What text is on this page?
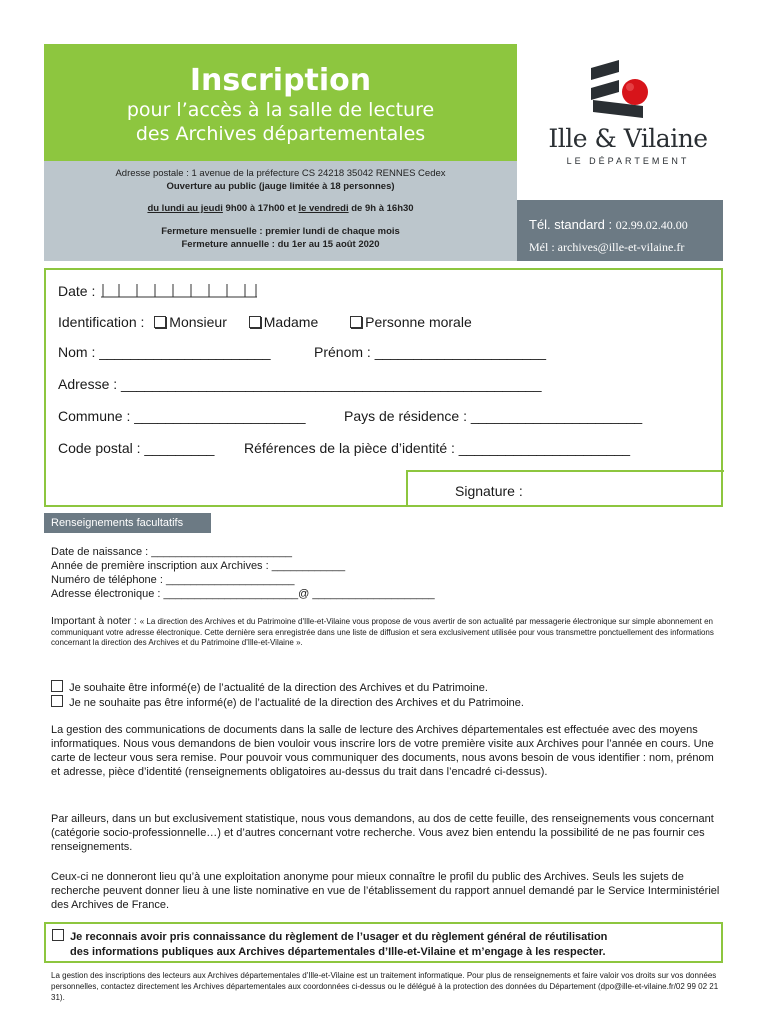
Inscription
pour l’accès à la salle de lecture
des Archives départementales
Adresse postale : 1 avenue de la préfecture CS 24218 35042 RENNES Cedex
Ouverture au public (jauge limitée à 18 personnes)
du lundi au jeudi 9h00 à 17h00 et le vendredi de 9h à 16h30
Fermeture mensuelle : premier lundi de chaque mois
Fermeture annuelle : du 1er au 15 août 2020
Ille & Vilaine
LE DÉPARTEMENT
Tél. standard : 02.99.02.40.00
Mél : archives@ille-et-vilaine.fr
Date :
Identification : Monsieur	Madame	Personne morale
Nom : ______________________	Prénom : ______________________
Adresse : ______________________________________________________
Commune : ______________________	Pays de résidence : ______________________
Code postal : _________ Références de la pièce d’identité : ______________________
Signature :
Renseignements facultatifs
Date de naissance : _______________________
Année de première inscription aux Archives : ____________
Numéro de téléphone : _____________________
Adresse électronique : ______________________@ ____________________
Important à noter : « La direction des Archives et du Patrimoine d'Ille-et-Vilaine vous propose de vous avertir de son actualité par messagerie électronique sur simple abonnement en communiquant votre adresse électronique. Cette dernière sera enregistrée dans une liste de diffusion et sera exclusivement utilisée pour vous transmettre ponctuellement des informations concernant la direction des Archives et du Patrimoine d'Ille-et-Vilaine ».
Je souhaite être informé(e) de l’actualité de la direction des Archives et du Patrimoine.
Je ne souhaite pas être informé(e) de l’actualité de la direction des Archives et du Patrimoine.
La gestion des communications de documents dans la salle de lecture des Archives départementales est effectuée avec des moyens informatiques. Nous vous demandons de bien vouloir vous inscrire lors de votre première visite aux Archives pour l’année en cours. Une carte de lecteur vous sera remise. Pour pouvoir vous communiquer des documents, nous avons besoin de vous identifier : nom, prénom et adresse, pièce d’identité (renseignements obligatoires au-dessus du trait dans l’encadré ci-dessus).
Par ailleurs, dans un but exclusivement statistique, nous vous demandons, au dos de cette feuille, des renseignements vous concernant (catégorie socio-professionnelle…) et d’autres concernant votre recherche. Vous avez bien entendu la possibilité de ne pas fournir ces renseignements.
Ceux-ci ne donneront lieu qu’à une exploitation anonyme pour mieux connaître le profil du public des Archives. Seuls les sujets de recherche peuvent donner lieu à une liste nominative en vue de l’établissement du rapport annuel demandé par le Service Interministériel des Archives de France.
Je reconnais avoir pris connaissance du règlement de l’usager et du règlement général de réutilisation
des informations publiques aux Archives départementales d’Ille-et-Vilaine et m’engage à les respecter.
La gestion des inscriptions des lecteurs aux Archives départementales d'Ille-et-Vilaine est un traitement informatique. Pour plus de renseignements et faire valoir vos droits sur vos données personnelles, contactez directement les Archives départementales aux coordonnées ci-dessus ou le délégué à la protection des données du Département (dpo@ille-et-vilaine.fr/02 99 02 21 31).
